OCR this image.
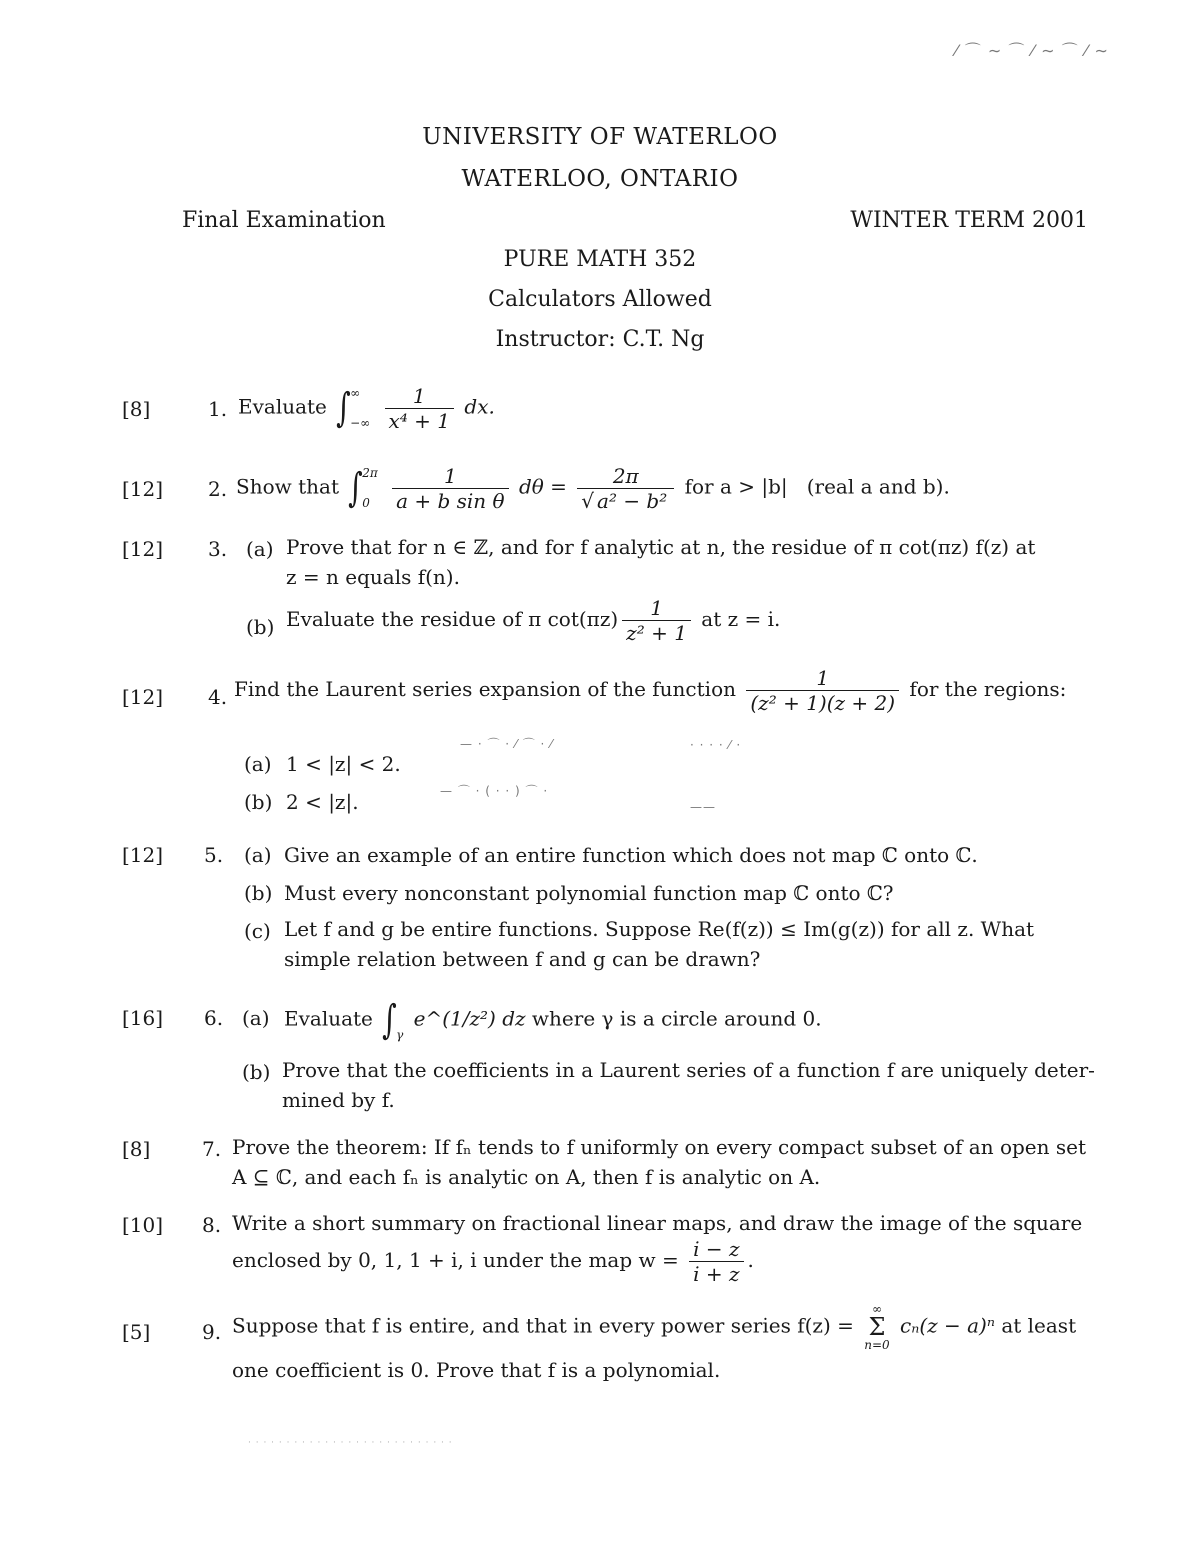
⁄ ⌒ ∼ ⌒ ⁄ ∼ ⌒ ⁄ ∼
UNIVERSITY OF WATERLOO
WATERLOO, ONTARIO
Final Examination	WINTER TERM 2001
PURE MATH 352
Calculators Allowed
Instructor: C.T. Ng
[8]	1. Evaluate ∫ ∞
−∞
$\frac{1}{\text{x⁴ + 1}}$ dx.
[12] 2. Show that ∫ 2π
0
	$\frac{1}{\text{a + b sin θ}}$ $d\theta = \frac{2\pi}{\text{√ a² − b²}}$ for a > |b| (real a and b).
[12] 3. (a) Prove that for n ∈ ℤ, and for f analytic at n, the residue of π cot(πz) f(z) at
z = n equals f(n).
(b) Evaluate the residue of π $\cot(\pi z) \frac{1}{\text{z² + 1}}$ at z = i.
[12] 4. Find the Laurent series expansion of the function $\frac{1}{\text{(z² + 1)(z + 2)}}$ for the regions:
(a) 1 < |z| < 2.
(b) 2 < |z|.
— · ⌒ · ⁄ ⌒ · ⁄	· · · · ⁄ ·
— ⌒ · ( · · ) ⌒ ·
——
[12] 5. (a) Give an example of an entire function which does not map ℂ onto ℂ.
(b) Must every nonconstant polynomial function map ℂ onto ℂ?
(c) Let f and g be entire functions. Suppose Re(f(z)) ≤ Im(g(z)) for all z. What
simple relation between f and g can be drawn?
[16] 6. (a) Evaluate ∫
γ
e^(1/z²) dz where γ is a circle around 0.
(b) Prove that the coefficients in a Laurent series of a function f are uniquely deter-
mined by f.
[8]	7. Prove the theorem: If fₙ tends to f uniformly on every compact subset of an open set
A ⊆ ℂ, and each fₙ is analytic on A, then f is analytic on A.
[10] 8. Write a short summary on fractional linear maps, and draw the image of the square
enclosed by 0, 1, 1 + i, i under the map $w = \frac{i - z}{i + z}$ .
[5]	9. Suppose that f is entire, and that in every power series f(z) = ∞
Σ
n=0 cₙ(z − a)ⁿ at least
one coefficient is 0. Prove that f is a polynomial.
· · · · · · · · · · · · · · · · · · · · · · · · · · ·
